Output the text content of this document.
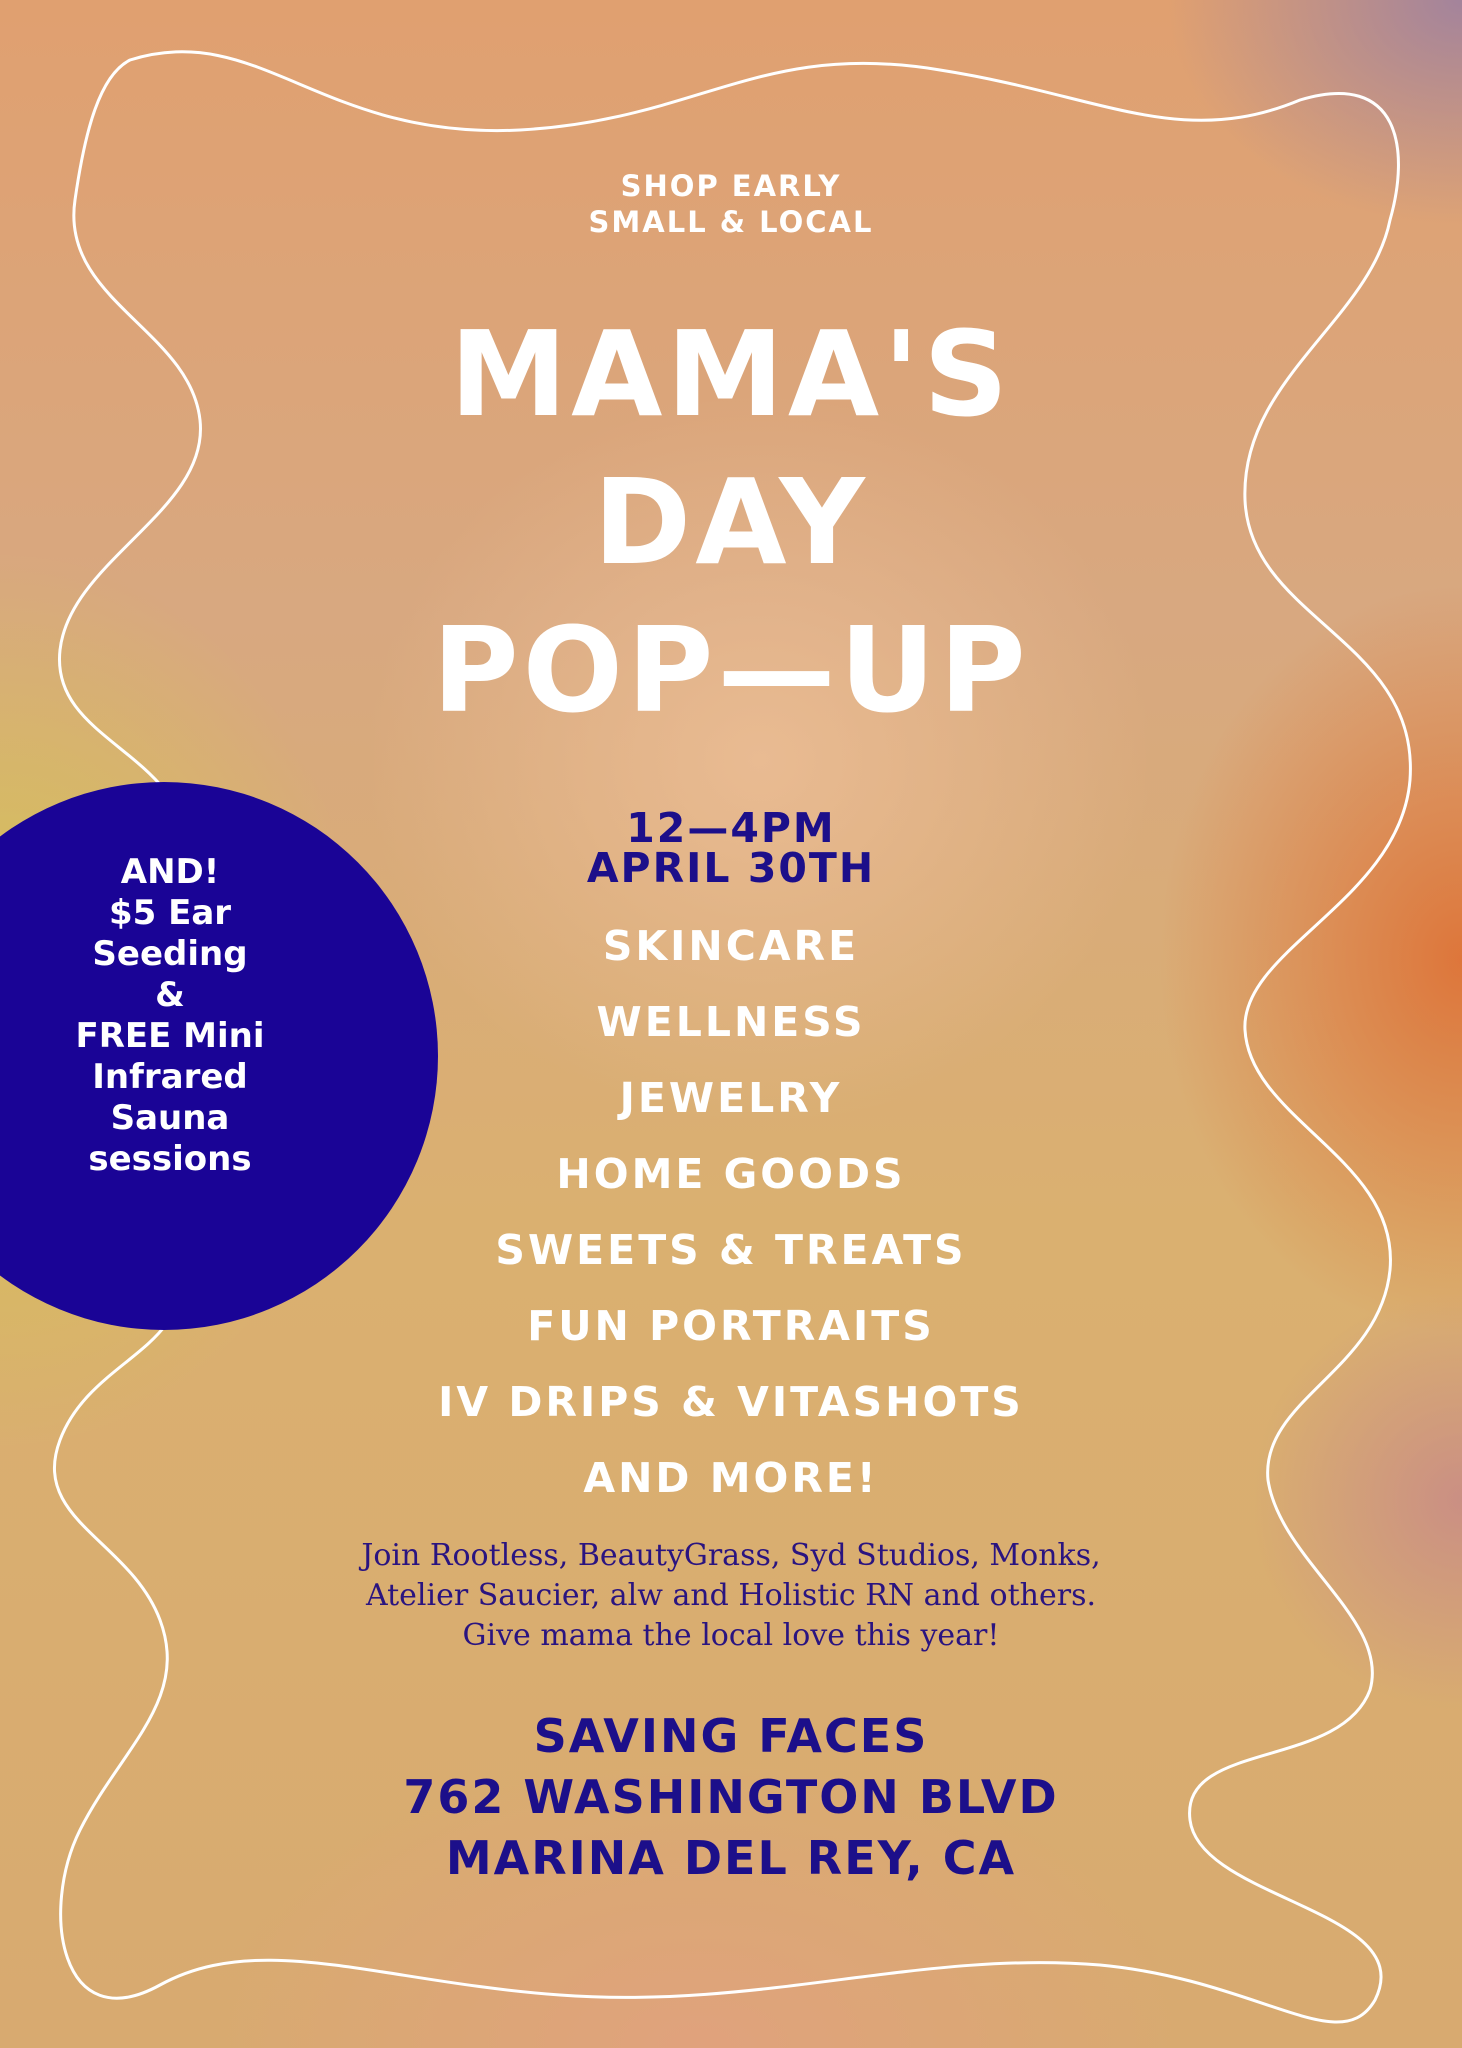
SHOP EARLY
SMALL & LOCAL
MAMA'S
DAY
POP—UP
12—4PM
APRIL 30TH
SKINCARE
WELLNESS
JEWELRY
HOME GOODS
SWEETS & TREATS
FUN PORTRAITS
IV DRIPS & VITASHOTS
AND MORE!
Join Rootless, BeautyGrass, Syd Studios, Monks,
Atelier Saucier, alw and Holistic RN and others.
Give mama the local love this year!
SAVING FACES
762 WASHINGTON BLVD
MARINA DEL REY, CA
AND!
$5 Ear
Seeding
&
FREE Mini
Infrared
Sauna
sessions
